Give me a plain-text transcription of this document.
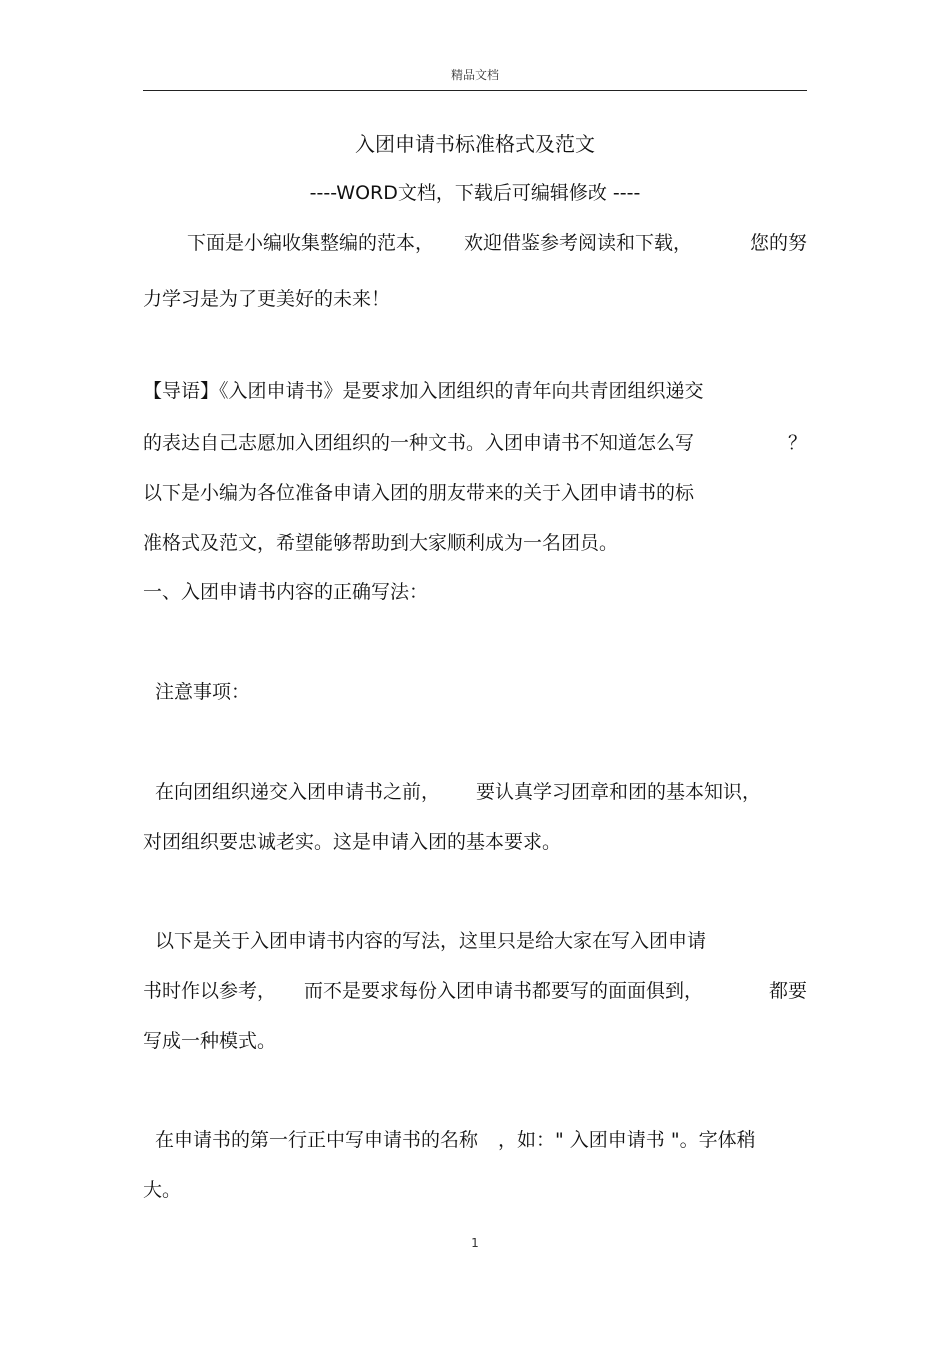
精品文档
入团申请书标准格式及范文
----WORD文档，下载后可编辑修改 ----
下面是小编收集整编的范本， 欢迎借鉴参考阅读和下载，	您的努
力学习是为了更美好的未来！
【导语】《入团申请书》是要求加入团组织的青年向共青团组织递交
的表达自己志愿加入团组织的一种文书。入团申请书不知道怎么写	？
以下是小编为各位准备申请入团的朋友带来的关于入团申请书的标
准格式及范文，希望能够帮助到大家顺利成为一名团员。
一、入团申请书内容的正确写法：
注意事项：
在向团组织递交入团申请书之前， 要认真学习团章和团的基本知识，
对团组织要忠诚老实。这是申请入团的基本要求。
以下是关于入团申请书内容的写法，这里只是给大家在写入团申请
书时作以参考， 而不是要求每份入团申请书都要写的面面俱到，	都要
写成一种模式。
在申请书的第一行正中写申请书的名称 ，如：" 入团申请书 "。字体稍
大。
1
